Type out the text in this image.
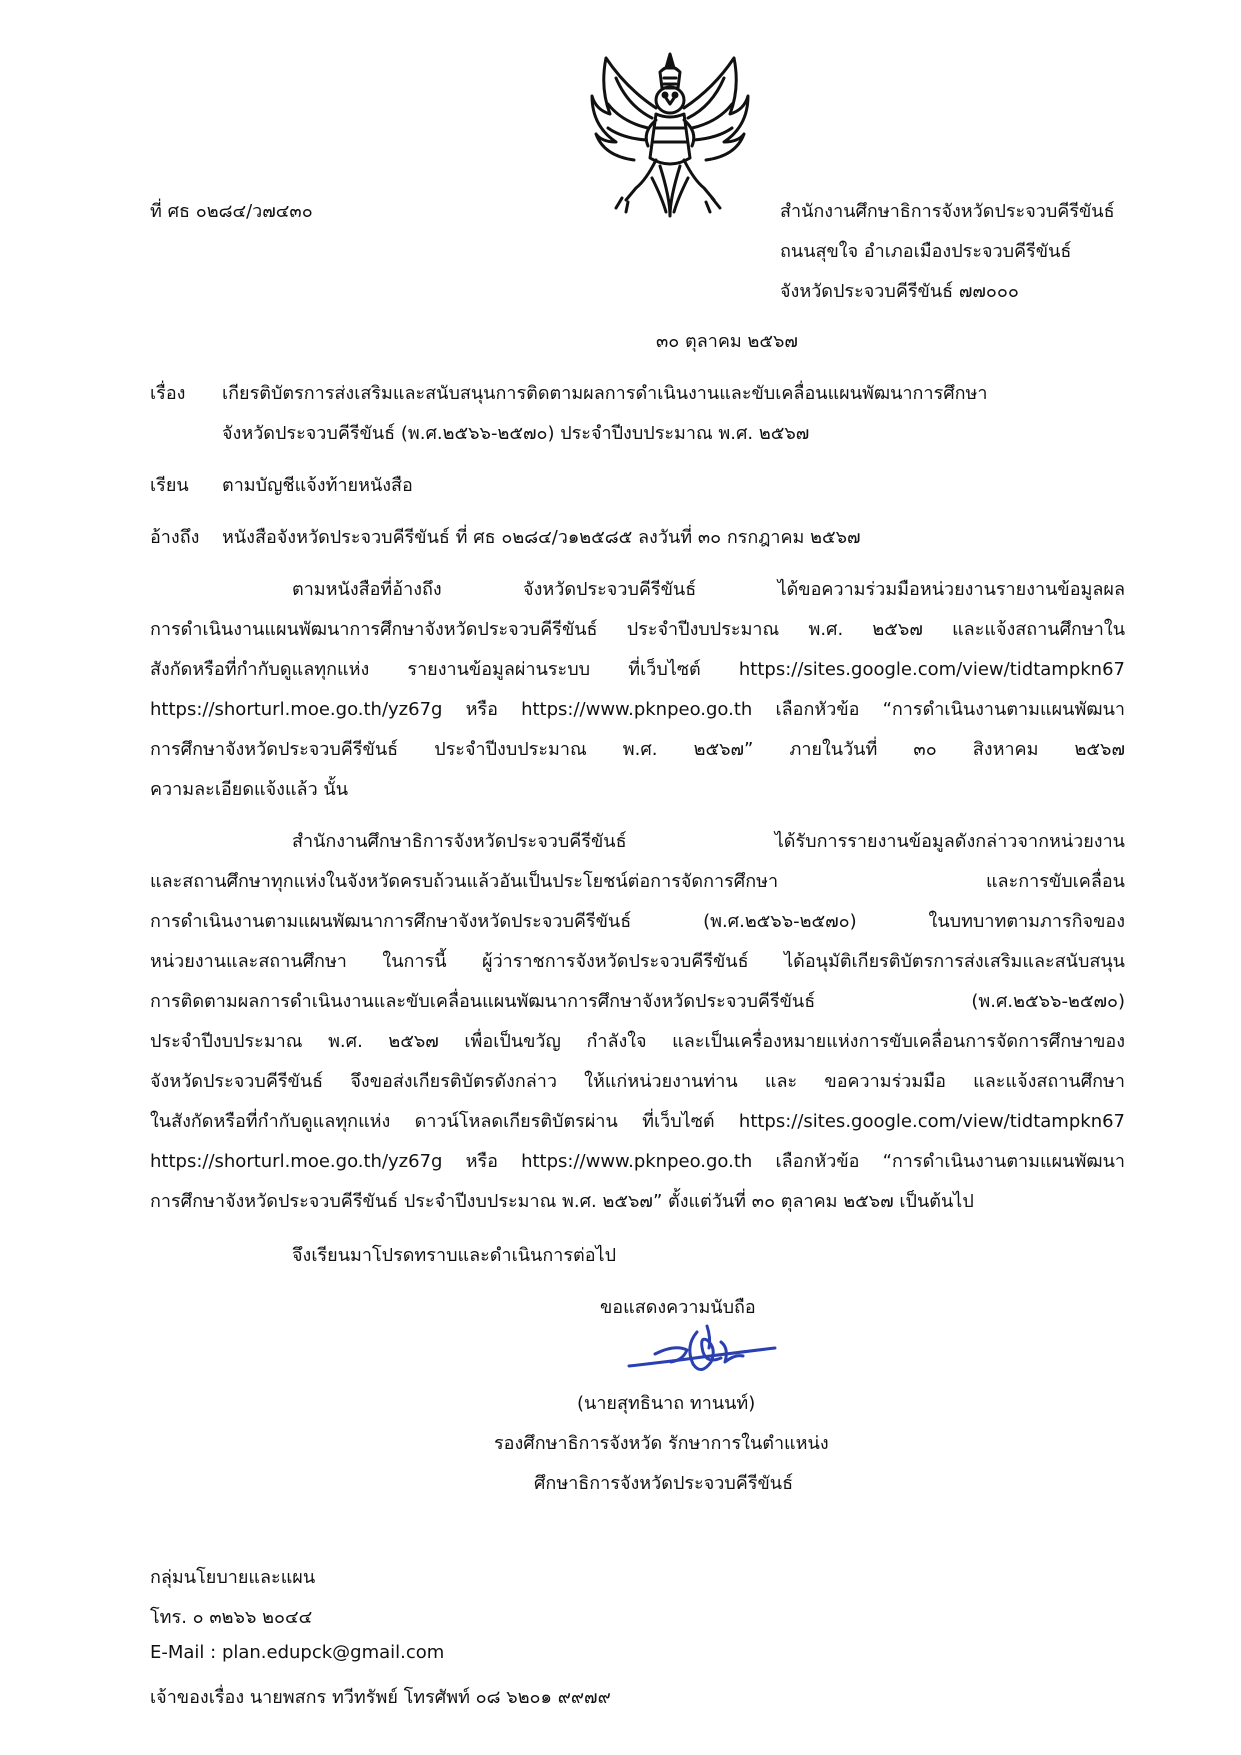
ที่ ศธ ๐๒๘๔/ว๗๔๓๐	สำนักงานศึกษาธิการจังหวัดประจวบคีรีขันธ์
ถนนสุขใจ อำเภอเมืองประจวบคีรีขันธ์
จังหวัดประจวบคีรีขันธ์ ๗๗๐๐๐
๓๐ ตุลาคม ๒๕๖๗
เรื่อง เกียรติบัตรการส่งเสริมและสนับสนุนการติดตามผลการดำเนินงานและขับเคลื่อนแผนพัฒนาการศึกษา
จังหวัดประจวบคีรีขันธ์ (พ.ศ.๒๕๖๖-๒๕๗๐) ประจำปีงบประมาณ พ.ศ. ๒๕๖๗
เรียน ตามบัญชีแจ้งท้ายหนังสือ
อ้างถึง หนังสือจังหวัดประจวบคีรีขันธ์ ที่ ศธ ๐๒๘๔/ว๑๒๕๘๕ ลงวันที่ ๓๐ กรกฎาคม ๒๕๖๗
ตามหนังสือที่อ้างถึง จังหวัดประจวบคีรีขันธ์ ได้ขอความร่วมมือหน่วยงานรายงานข้อมูลผล
การดำเนินงานแผนพัฒนาการศึกษาจังหวัดประจวบคีรีขันธ์ ประจำปีงบประมาณ พ.ศ. ๒๕๖๗ และแจ้งสถานศึกษาใน
สังกัดหรือที่กำกับดูแลทุกแห่ง รายงานข้อมูลผ่านระบบ ที่เว็บไซต์ https://sites.google.com/view/tidtampkn67
https://shorturl.moe.go.th/yz67g หรือ https://www.pknpeo.go.th เลือกหัวข้อ “การดำเนินงานตามแผนพัฒนา
การศึกษาจังหวัดประจวบคีรีขันธ์ ประจำปีงบประมาณ พ.ศ. ๒๕๖๗” ภายในวันที่ ๓๐ สิงหาคม ๒๕๖๗
ความละเอียดแจ้งแล้ว นั้น
สำนักงานศึกษาธิการจังหวัดประจวบคีรีขันธ์ ได้รับการรายงานข้อมูลดังกล่าวจากหน่วยงาน
และสถานศึกษาทุกแห่งในจังหวัดครบถ้วนแล้วอันเป็นประโยชน์ต่อการจัดการศึกษา และการขับเคลื่อน
การดำเนินงานตามแผนพัฒนาการศึกษาจังหวัดประจวบคีรีขันธ์ (พ.ศ.๒๕๖๖-๒๕๗๐) ในบทบาทตามภารกิจของ
หน่วยงานและสถานศึกษา ในการนี้ ผู้ว่าราชการจังหวัดประจวบคีรีขันธ์ ได้อนุมัติเกียรติบัตรการส่งเสริมและสนับสนุน
การติดตามผลการดำเนินงานและขับเคลื่อนแผนพัฒนาการศึกษาจังหวัดประจวบคีรีขันธ์ (พ.ศ.๒๕๖๖-๒๕๗๐)
ประจำปีงบประมาณ พ.ศ. ๒๕๖๗ เพื่อเป็นขวัญ กำลังใจ และเป็นเครื่องหมายแห่งการขับเคลื่อนการจัดการศึกษาของ
จังหวัดประจวบคีรีขันธ์ จึงขอส่งเกียรติบัตรดังกล่าว ให้แก่หน่วยงานท่าน และ ขอความร่วมมือ และแจ้งสถานศึกษา
ในสังกัดหรือที่กำกับดูแลทุกแห่ง ดาวน์โหลดเกียรติบัตรผ่าน ที่เว็บไซต์ https://sites.google.com/view/tidtampkn67
https://shorturl.moe.go.th/yz67g หรือ https://www.pknpeo.go.th เลือกหัวข้อ “การดำเนินงานตามแผนพัฒนา
การศึกษาจังหวัดประจวบคีรีขันธ์ ประจำปีงบประมาณ พ.ศ. ๒๕๖๗” ตั้งแต่วันที่ ๓๐ ตุลาคม ๒๕๖๗ เป็นต้นไป
จึงเรียนมาโปรดทราบและดำเนินการต่อไป
ขอแสดงความนับถือ
(นายสุทธินาถ ทานนท์)
รองศึกษาธิการจังหวัด รักษาการในตำแหน่ง
ศึกษาธิการจังหวัดประจวบคีรีขันธ์
กลุ่มนโยบายและแผน
โทร. ๐ ๓๒๖๖ ๒๐๔๔
E-Mail : plan.edupck@gmail.com
เจ้าของเรื่อง นายพสกร ทวีทรัพย์ โทรศัพท์ ๐๘ ๖๒๐๑ ๙๙๗๙
